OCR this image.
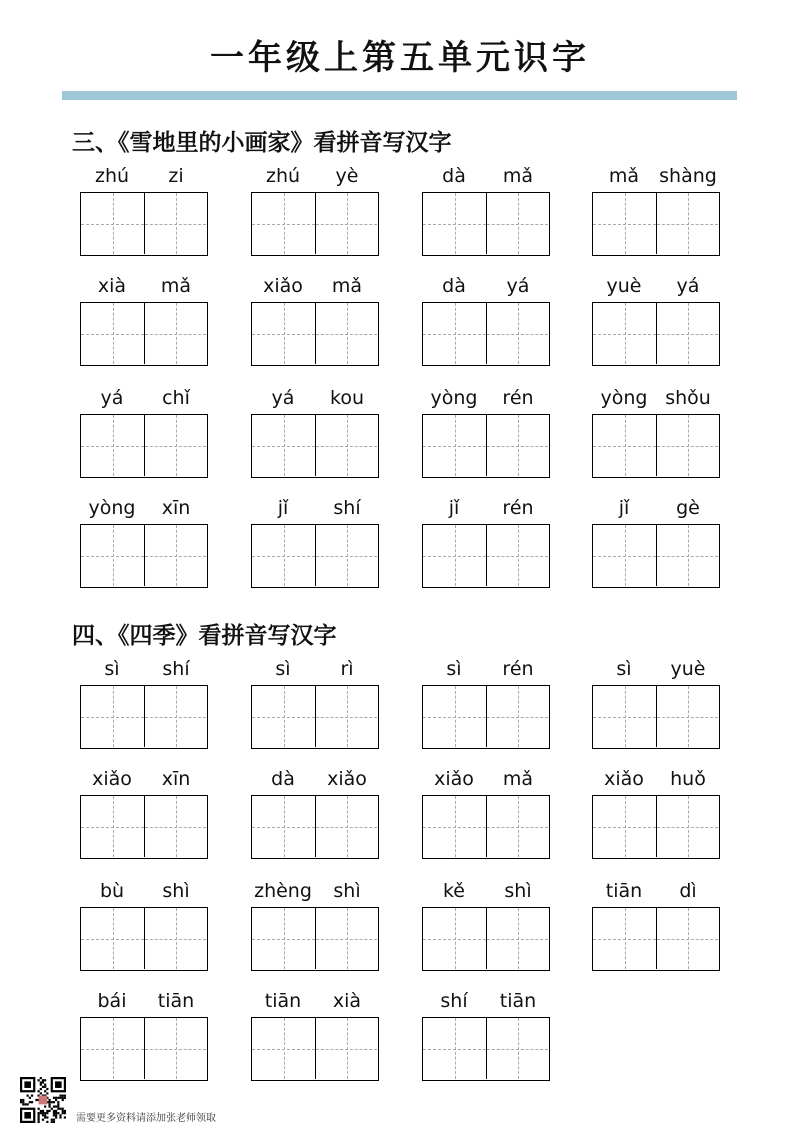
一年级上第五单元识字
三、《雪地里的小画家》看拼音写汉字
zhú	zi	zhú	yè	dà	mǎ	mǎ	shàng
xià	mǎ	xiǎo	mǎ	dà	yá	yuè	yá
yá	chǐ	yá	kou	yòng	rén	yòng shǒu
yòng	xīn	jǐ	shí	jǐ	rén	jǐ	gè
四、《四季》看拼音写汉字
sì	shí	sì	rì	sì	rén	sì	yuè
xiǎo	xīn	dà	xiǎo	xiǎo	mǎ	xiǎo	huǒ
bù	shì	zhèng	shì	kě	shì	tiān	dì
bái	tiān	tiān	xià	shí	tiān
需要更多资料请添加张老师领取
